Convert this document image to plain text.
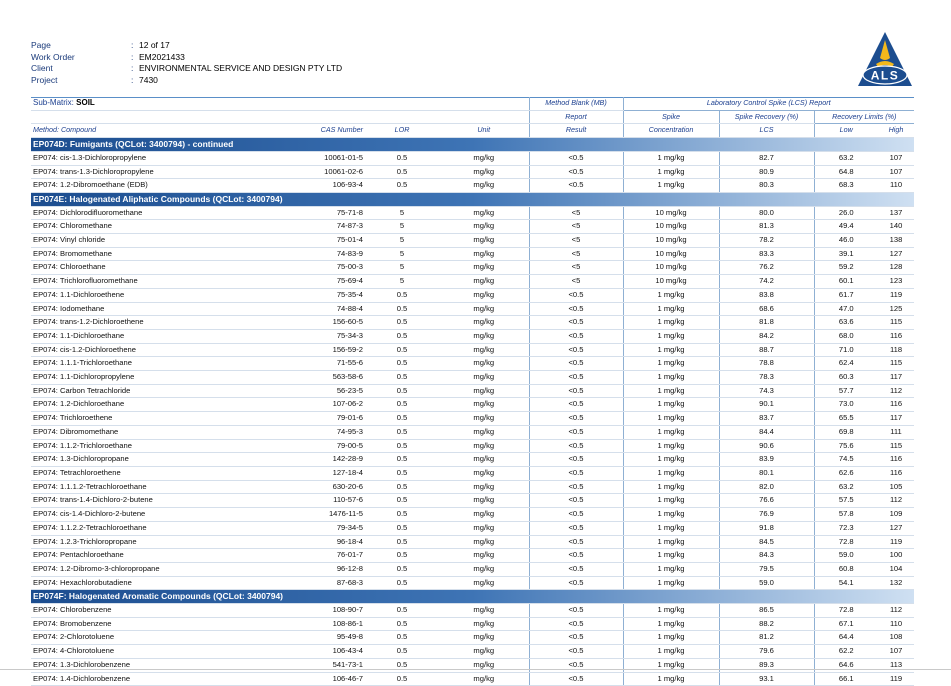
Page	: 12 of 17
Work Order	: EM2021433
Client	: ENVIRONMENTAL SERVICE AND DESIGN PTY LTD
Project	: 7430	ALS
Sub-Matrix: SOIL				Method Blank (MB)	Laboratory Control Spike (LCS) Report			
				Report	Spike	Spike Recovery (%)	Recovery Limits (%)	
Method: Compound	CAS Number	LOR	Unit	Result	Concentration	LCS	Low	High
EP074D: Fumigants (QCLot: 3400794) - continued								
EP074: cis-1.3-Dichloropropylene	10061-01-5	0.5	mg/kg	<0.5	1 mg/kg	82.7	63.2	107
EP074: trans-1.3-Dichloropropylene	10061-02-6	0.5	mg/kg	<0.5	1 mg/kg	80.9	64.8	107
EP074: 1.2-Dibromoethane (EDB)	106-93-4	0.5	mg/kg	<0.5	1 mg/kg	80.3	68.3	110
EP074E: Halogenated Aliphatic Compounds (QCLot: 3400794)								
EP074: Dichlorodifluoromethane	75-71-8	5	mg/kg	<5	10 mg/kg	80.0	26.0	137
EP074: Chloromethane	74-87-3	5	mg/kg	<5	10 mg/kg	81.3	49.4	140
EP074: Vinyl chloride	75-01-4	5	mg/kg	<5	10 mg/kg	78.2	46.0	138
EP074: Bromomethane	74-83-9	5	mg/kg	<5	10 mg/kg	83.3	39.1	127
EP074: Chloroethane	75-00-3	5	mg/kg	<5	10 mg/kg	76.2	59.2	128
EP074: Trichlorofluoromethane	75-69-4	5	mg/kg	<5	10 mg/kg	74.2	60.1	123
EP074: 1.1-Dichloroethene	75-35-4	0.5	mg/kg	<0.5	1 mg/kg	83.8	61.7	119
EP074: Iodomethane	74-88-4	0.5	mg/kg	<0.5	1 mg/kg	68.6	47.0	125
EP074: trans-1.2-Dichloroethene	156-60-5	0.5	mg/kg	<0.5	1 mg/kg	81.8	63.6	115
EP074: 1.1-Dichloroethane	75-34-3	0.5	mg/kg	<0.5	1 mg/kg	84.2	68.0	116
EP074: cis-1.2-Dichloroethene	156-59-2	0.5	mg/kg	<0.5	1 mg/kg	88.7	71.0	118
EP074: 1.1.1-Trichloroethane	71-55-6	0.5	mg/kg	<0.5	1 mg/kg	78.8	62.4	115
EP074: 1.1-Dichloropropylene	563-58-6	0.5	mg/kg	<0.5	1 mg/kg	78.3	60.3	117
EP074: Carbon Tetrachloride	56-23-5	0.5	mg/kg	<0.5	1 mg/kg	74.3	57.7	112
EP074: 1.2-Dichloroethane	107-06-2	0.5	mg/kg	<0.5	1 mg/kg	90.1	73.0	116
EP074: Trichloroethene	79-01-6	0.5	mg/kg	<0.5	1 mg/kg	83.7	65.5	117
EP074: Dibromomethane	74-95-3	0.5	mg/kg	<0.5	1 mg/kg	84.4	69.8	111
EP074: 1.1.2-Trichloroethane	79-00-5	0.5	mg/kg	<0.5	1 mg/kg	90.6	75.6	115
EP074: 1.3-Dichloropropane	142-28-9	0.5	mg/kg	<0.5	1 mg/kg	83.9	74.5	116
EP074: Tetrachloroethene	127-18-4	0.5	mg/kg	<0.5	1 mg/kg	80.1	62.6	116
EP074: 1.1.1.2-Tetrachloroethane	630-20-6	0.5	mg/kg	<0.5	1 mg/kg	82.0	63.2	105
EP074: trans-1.4-Dichloro-2-butene	110-57-6	0.5	mg/kg	<0.5	1 mg/kg	76.6	57.5	112
EP074: cis-1.4-Dichloro-2-butene	1476-11-5	0.5	mg/kg	<0.5	1 mg/kg	76.9	57.8	109
EP074: 1.1.2.2-Tetrachloroethane	79-34-5	0.5	mg/kg	<0.5	1 mg/kg	91.8	72.3	127
EP074: 1.2.3-Trichloropropane	96-18-4	0.5	mg/kg	<0.5	1 mg/kg	84.5	72.8	119
EP074: Pentachloroethane	76-01-7	0.5	mg/kg	<0.5	1 mg/kg	84.3	59.0	100
EP074: 1.2-Dibromo-3-chloropropane	96-12-8	0.5	mg/kg	<0.5	1 mg/kg	79.5	60.8	104
EP074: Hexachlorobutadiene	87-68-3	0.5	mg/kg	<0.5	1 mg/kg	59.0	54.1	132
EP074F: Halogenated Aromatic Compounds (QCLot: 3400794)								
EP074: Chlorobenzene	108-90-7	0.5	mg/kg	<0.5	1 mg/kg	86.5	72.8	112
EP074: Bromobenzene	108-86-1	0.5	mg/kg	<0.5	1 mg/kg	88.2	67.1	110
EP074: 2-Chlorotoluene	95-49-8	0.5	mg/kg	<0.5	1 mg/kg	81.2	64.4	108
EP074: 4-Chlorotoluene	106-43-4	0.5	mg/kg	<0.5	1 mg/kg	79.6	62.2	107
EP074: 1.3-Dichlorobenzene	541-73-1	0.5	mg/kg	<0.5	1 mg/kg	89.3	64.6	113
EP074: 1.4-Dichlorobenzene	106-46-7	0.5	mg/kg	<0.5	1 mg/kg	93.1	66.1	119
